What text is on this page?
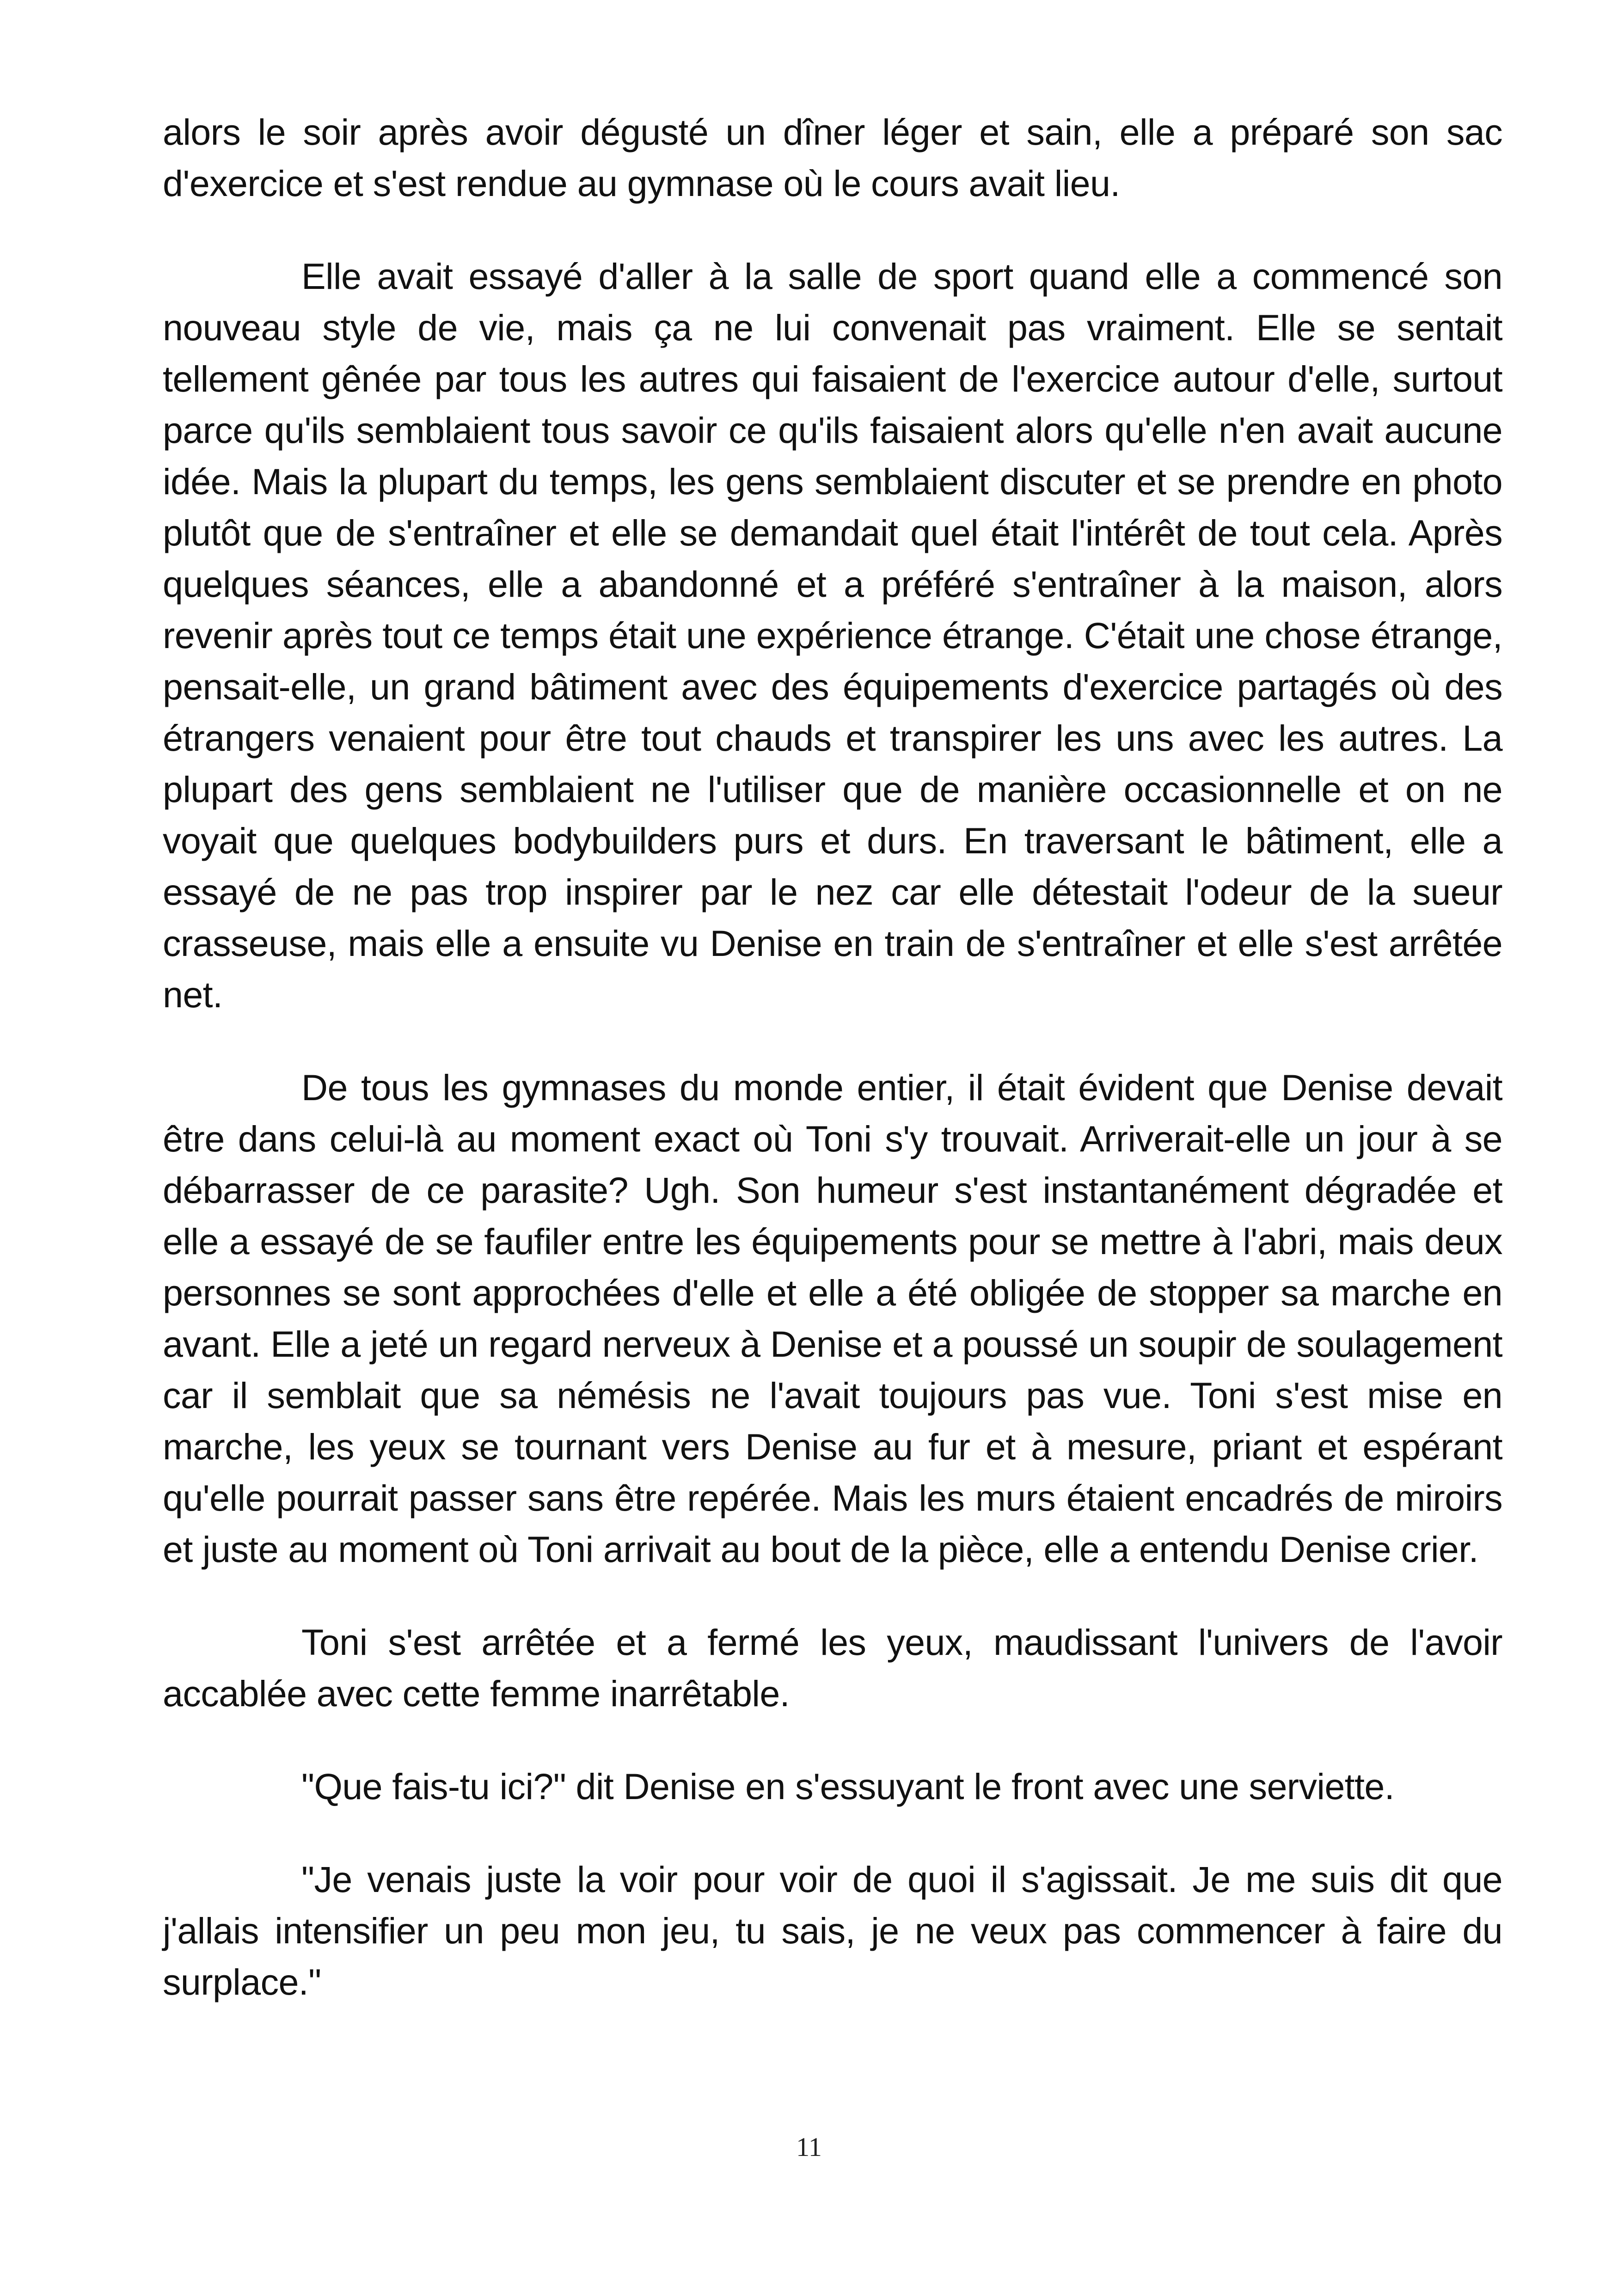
alors le soir après avoir dégusté un dîner léger et sain, elle a préparé son sac d'exercice et s'est rendue au gymnase où le cours avait lieu.

Elle avait essayé d'aller à la salle de sport quand elle a commencé son nouveau style de vie, mais ça ne lui convenait pas vraiment. Elle se sentait tellement gênée par tous les autres qui faisaient de l'exercice autour d'elle, surtout parce qu'ils semblaient tous savoir ce qu'ils faisaient alors qu'elle n'en avait aucune idée. Mais la plupart du temps, les gens semblaient discuter et se prendre en photo plutôt que de s'entraîner et elle se demandait quel était l'intérêt de tout cela. Après quelques séances, elle a abandonné et a préféré s'entraîner à la maison, alors revenir après tout ce temps était une expérience étrange. C'était une chose étrange, pensait-elle, un grand bâtiment avec des équipements d'exercice partagés où des étrangers venaient pour être tout chauds et transpirer les uns avec les autres. La plupart des gens semblaient ne l'utiliser que de manière occasionnelle et on ne voyait que quelques bodybuilders purs et durs. En traversant le bâtiment, elle a essayé de ne pas trop inspirer par le nez car elle détestait l'odeur de la sueur crasseuse, mais elle a ensuite vu Denise en train de s'entraîner et elle s'est arrêtée net.

De tous les gymnases du monde entier, il était évident que Denise devait être dans celui-là au moment exact où Toni s'y trouvait. Arriverait-elle un jour à se débarrasser de ce parasite? Ugh. Son humeur s'est instantanément dégradée et elle a essayé de se faufiler entre les équipements pour se mettre à l'abri, mais deux personnes se sont approchées d'elle et elle a été obligée de stopper sa marche en avant. Elle a jeté un regard nerveux à Denise et a poussé un soupir de soulagement car il semblait que sa némésis ne l'avait toujours pas vue. Toni s'est mise en marche, les yeux se tournant vers Denise au fur et à mesure, priant et espérant qu'elle pourrait passer sans être repérée. Mais les murs étaient encadrés de miroirs et juste au moment où Toni arrivait au bout de la pièce, elle a entendu Denise crier.

Toni s'est arrêtée et a fermé les yeux, maudissant l'univers de l'avoir accablée avec cette femme inarrêtable.

"Que fais-tu ici?" dit Denise en s'essuyant le front avec une serviette.

"Je venais juste la voir pour voir de quoi il s'agissait. Je me suis dit que j'allais intensifier un peu mon jeu, tu sais, je ne veux pas commencer à faire du surplace."

11
